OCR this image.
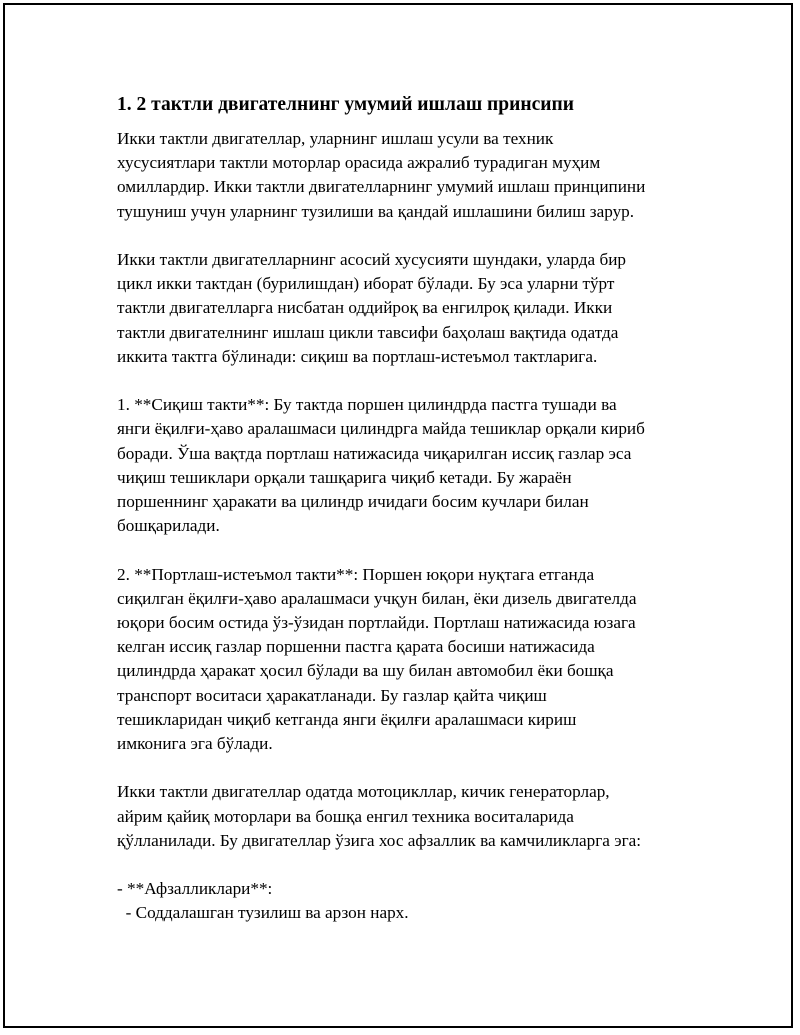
1. 2 тактли двигателнинг умумий ишлаш принсипи
Икки тактли двигателлар, уларнинг ишлаш усули ва техник
хусусиятлари тактли моторлар орасида ажралиб турадиган муҳим
омиллардир. Икки тактли двигателларнинг умумий ишлаш принципини
тушуниш учун уларнинг тузилиши ва қандай ишлашини билиш зарур.
Икки тактли двигателларнинг асосий хусусияти шундаки, уларда бир
цикл икки тактдан (бурилишдан) иборат бўлади. Бу эса уларни тўрт
тактли двигателларга нисбатан оддийроқ ва енгилроқ қилади. Икки
тактли двигателнинг ишлаш цикли тавсифи баҳолаш вақтида одатда
иккита тактга бўлинади: сиқиш ва портлаш-истеъмол тактларига.
1. **Сиқиш такти**: Бу тактда поршен цилиндрда пастга тушади ва
янги ёқилғи-ҳаво аралашмаси цилиндрга майда тешиклар орқали кириб
боради. Ўша вақтда портлаш натижасида чиқарилган иссиқ газлар эса
чиқиш тешиклари орқали ташқарига чиқиб кетади. Бу жараён
поршеннинг ҳаракати ва цилиндр ичидаги босим кучлари билан
бошқарилади.
2. **Портлаш-истеъмол такти**: Поршен юқори нуқтага етганда
сиқилган ёқилғи-ҳаво аралашмаси учқун билан, ёки дизель двигателда
юқори босим остида ўз-ўзидан портлайди. Портлаш натижасида юзага
келган иссиқ газлар поршенни пастга қарата босиши натижасида
цилиндрда ҳаракат ҳосил бўлади ва шу билан автомобил ёки бошқа
транспорт воситаси ҳаракатланади. Бу газлар қайта чиқиш
тешикларидан чиқиб кетганда янги ёқилғи аралашмаси кириш
имконига эга бўлади.
Икки тактли двигателлар одатда мотоцикллар, кичик генераторлар,
айрим қайиқ моторлари ва бошқа енгил техника воситаларида
қўлланилади. Бу двигателлар ўзига хос афзаллик ва камчиликларга эга:
- **Афзалликлари**:
- Соддалашган тузилиш ва арзон нарх.
